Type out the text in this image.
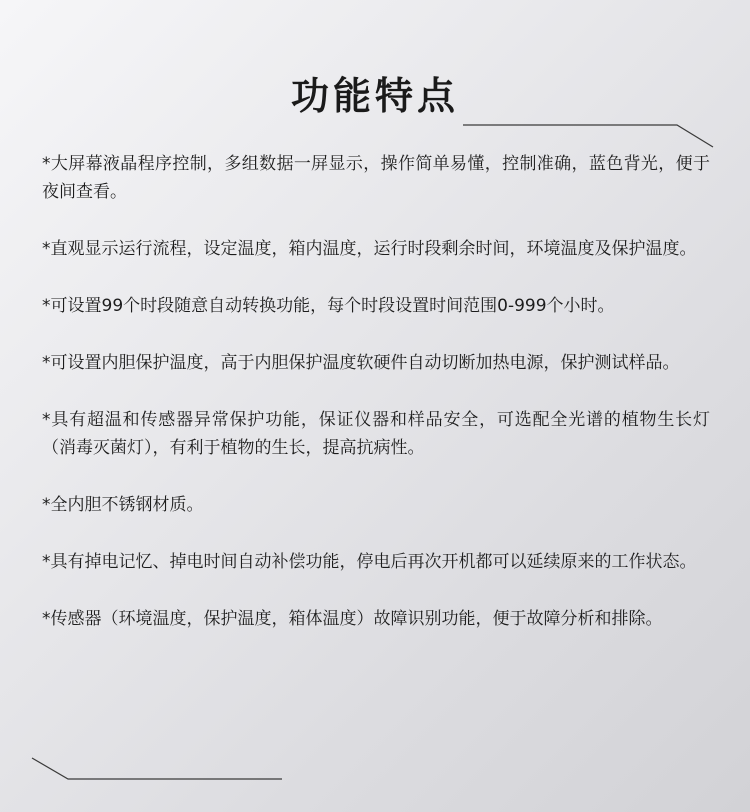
功能特点
*大屏幕液晶程序控制，多组数据一屏显示，操作简单易懂，控制准确，蓝色背光，便于夜间查看。
*直观显示运行流程，设定温度，箱内温度，运行时段剩余时间，环境温度及保护温度。
*可设置99个时段随意自动转换功能，每个时段设置时间范围0-999个小时。
*可设置内胆保护温度，高于内胆保护温度软硬件自动切断加热电源，保护测试样品。
*具有超温和传感器异常保护功能，保证仪器和样品安全，可选配全光谱的植物生长灯（消毒灭菌灯），有利于植物的生长，提高抗病性。
*全内胆不锈钢材质。
*具有掉电记忆、掉电时间自动补偿功能，停电后再次开机都可以延续原来的工作状态。
*传感器（环境温度，保护温度，箱体温度）故障识别功能，便于故障分析和排除。
